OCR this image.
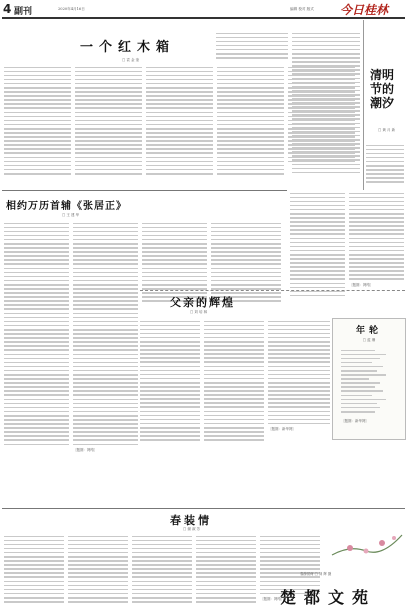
4 副刊	2020年4月16日	编辑 校对 版式 今日桂林
一个红木箱
□ 袁 金 奎
清明节的潮汐
□ 黄 月 新
〔题图：网络〕
相约万历首辅《张居正》
□ 王 建 华
〔题图：网络〕
父亲的辉煌
□ 刘 培 林
〔题图：新华网〕
年轮
□ 蓝 珊
〔题图：新华网〕
春装情
□ 谢 淑 芳
〔题图：网络〕
春游赏荷 □ 刘 辉 摄
楚都文苑
